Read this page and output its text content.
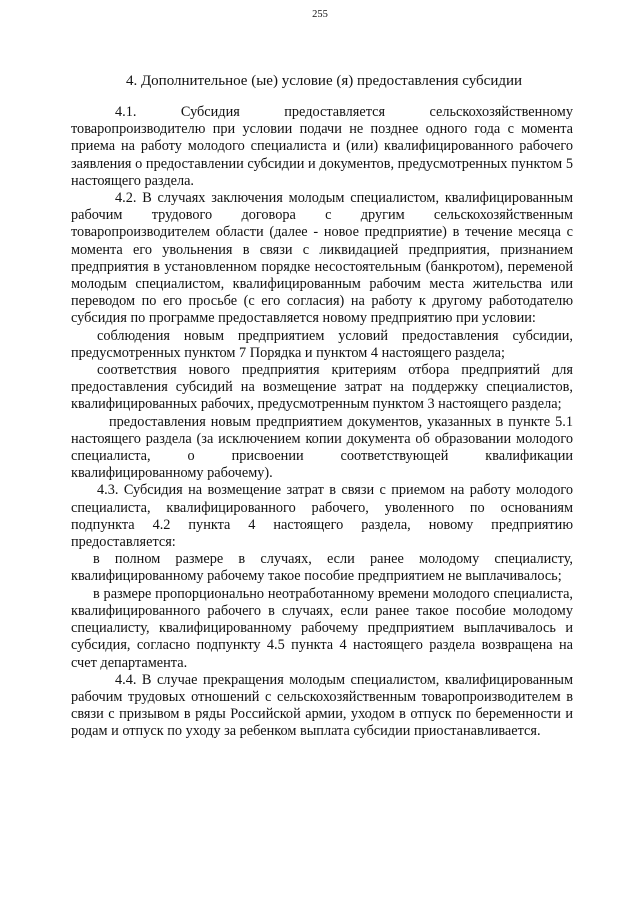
255
4. Дополнительное (ые) условие (я) предоставления субсидии

4.1. Субсидия предоставляется сельскохозяйственному товаропроизводителю при условии подачи не позднее одного года с момента приема на работу молодого специалиста и (или) квалифицированного рабочего заявления о предоставлении субсидии и документов, предусмотренных пунктом 5 настоящего раздела.

4.2. В случаях заключения молодым специалистом, квалифицированным рабочим трудового договора с другим сельскохозяйственным товаропроизводителем области (далее - новое предприятие) в течение месяца с момента его увольнения в связи с ликвидацией предприятия, признанием предприятия в установленном порядке несостоятельным (банкротом), переменой молодым специалистом, квалифицированным рабочим места жительства или переводом по его просьбе (с его согласия) на работу к другому работодателю субсидия по программе предоставляется новому предприятию при условии:

соблюдения новым предприятием условий предоставления субсидии, предусмотренных пунктом 7 Порядка и пунктом 4 настоящего раздела;

соответствия нового предприятия критериям отбора предприятий для предоставления субсидий на возмещение затрат на поддержку специалистов, квалифицированных рабочих, предусмотренным пунктом 3 настоящего раздела;

предоставления новым предприятием документов, указанных в пункте 5.1 настоящего раздела (за исключением копии документа об образовании молодого специалиста, о присвоении соответствующей квалификации квалифицированному рабочему).

4.3. Субсидия на возмещение затрат в связи с приемом на работу молодого специалиста, квалифицированного рабочего, уволенного по основаниям подпункта 4.2 пункта 4 настоящего раздела, новому предприятию предоставляется:

в полном размере в случаях, если ранее молодому специалисту, квалифицированному рабочему такое пособие предприятием не выплачивалось;

в размере пропорционально неотработанному времени молодого специалиста, квалифицированного рабочего в случаях, если ранее такое пособие молодому специалисту, квалифицированному рабочему предприятием выплачивалось и субсидия, согласно подпункту 4.5 пункта 4 настоящего раздела возвращена на счет департамента.

4.4. В случае прекращения молодым специалистом, квалифицированным рабочим трудовых отношений с сельскохозяйственным товаропроизводителем в связи с призывом в ряды Российской армии, уходом в отпуск по беременности и родам и отпуск по уходу за ребенком выплата субсидии приостанавливается.
